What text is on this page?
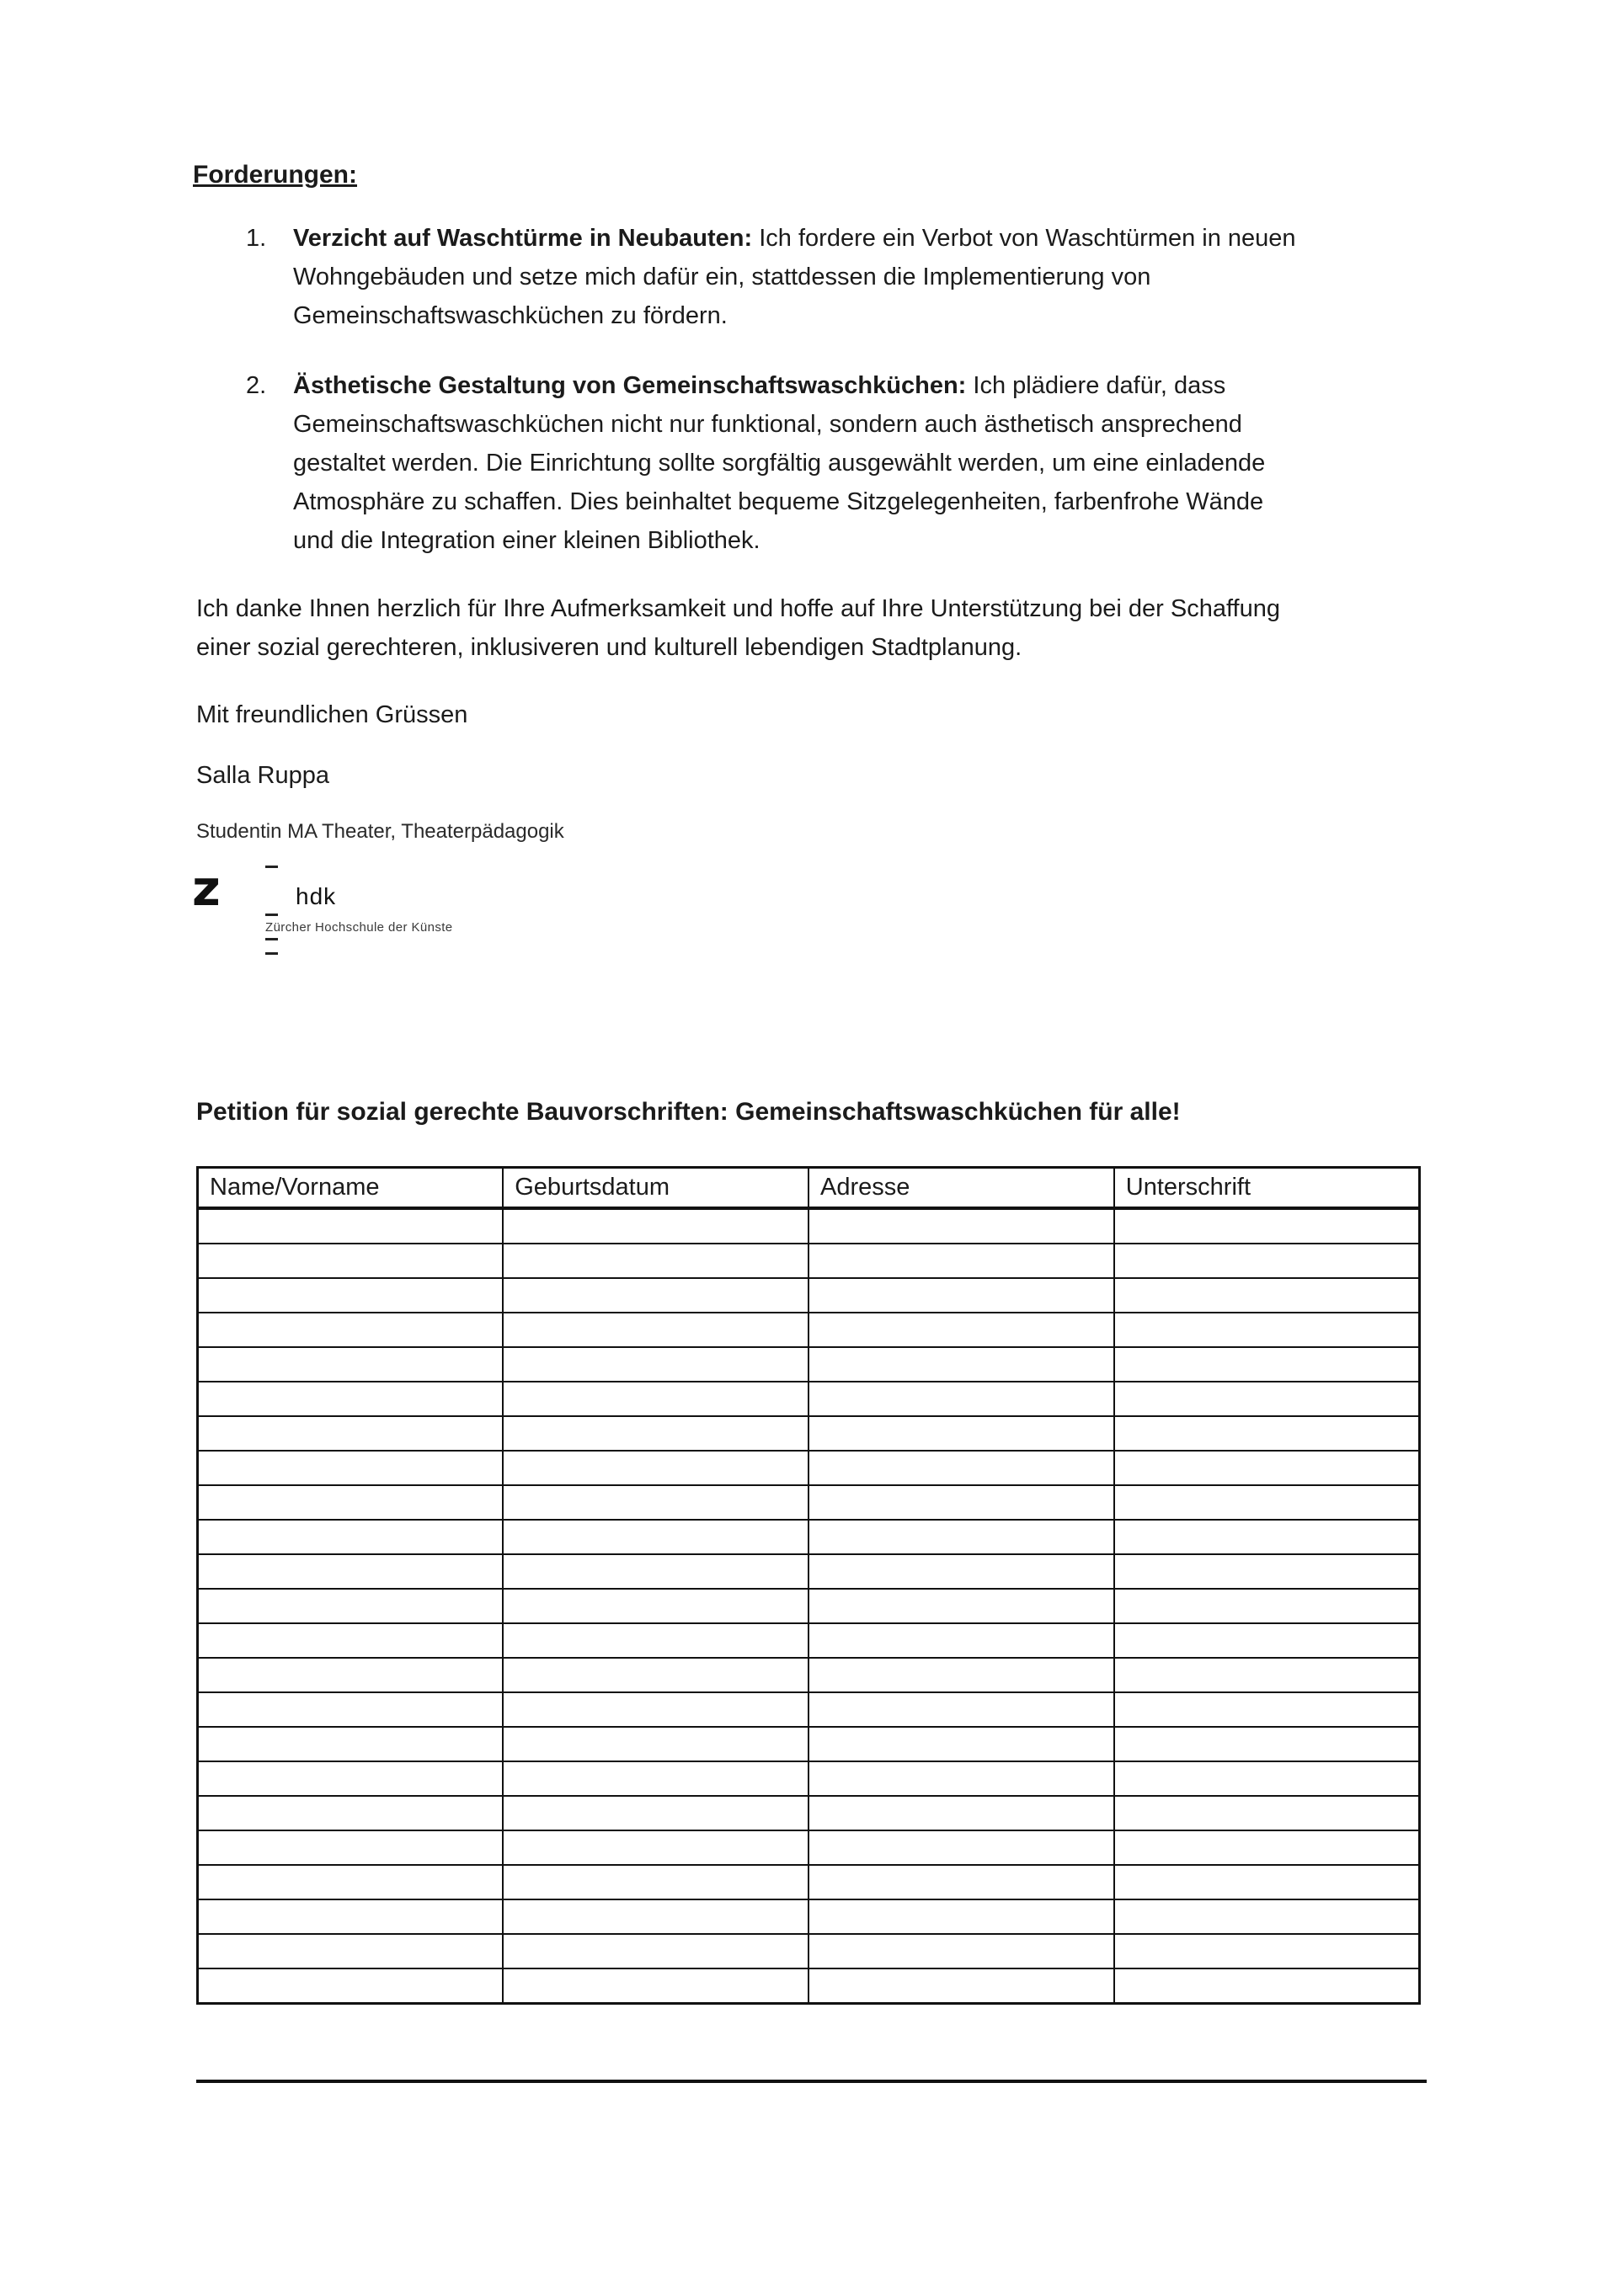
Forderungen:
1. Verzicht auf Waschtürme in Neubauten: Ich fordere ein Verbot von Waschtürmen in neuen
Wohngebäuden und setze mich dafür ein, stattdessen die Implementierung von
Gemeinschaftswaschküchen zu fördern.
2. Ästhetische Gestaltung von Gemeinschaftswaschküchen: Ich plädiere dafür, dass
Gemeinschaftswaschküchen nicht nur funktional, sondern auch ästhetisch ansprechend
gestaltet werden. Die Einrichtung sollte sorgfältig ausgewählt werden, um eine einladende
Atmosphäre zu schaffen. Dies beinhaltet bequeme Sitzgelegenheiten, farbenfrohe Wände
und die Integration einer kleinen Bibliothek.
Ich danke Ihnen herzlich für Ihre Aufmerksamkeit und hoffe auf Ihre Unterstützung bei der Schaffung
einer sozial gerechteren, inklusiveren und kulturell lebendigen Stadtplanung.
Mit freundlichen Grüssen
Salla Ruppa
Studentin MA Theater, Theaterpädagogik
z	hdk
Zürcher Hochschule der Künste
Petition für sozial gerechte Bauvorschriften: Gemeinschaftswaschküchen für alle!
Name/Vorname	Geburtsdatum	Adresse	Unterschrift
